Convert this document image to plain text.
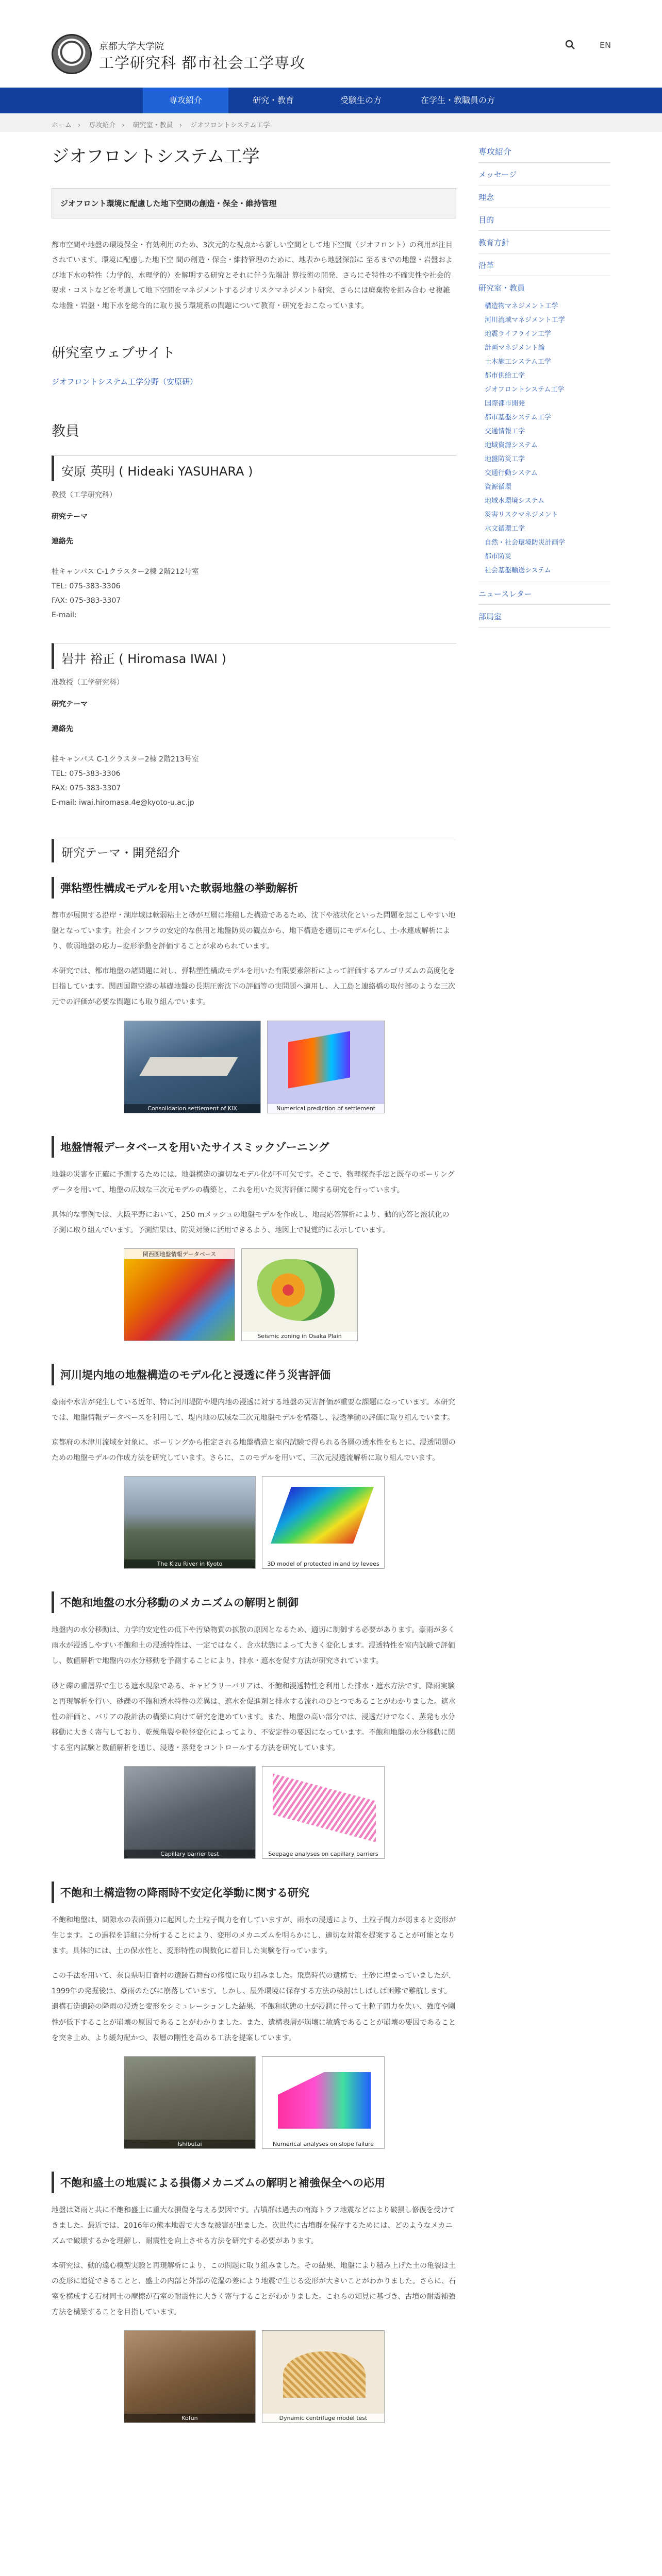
京都大学大学院
工学研究科 都市社会工学専攻
EN
専攻紹介	研究・教育	受験生の方	在学生・教職員の方
ホーム › 専攻紹介 › 研究室・教員 › ジオフロントシステム工学
ジオフロントシステム工学
ジオフロント環境に配慮した地下空間の創造・保全・維持管理

都市空間や地盤の環境保全・有効利用のため、3次元的な視点から新しい空間として地下空間（ジオフロント）の利用が注目されています。環境に配慮した地下空 間の創造・保全・維持管理のために、地表から地盤深部に 至るまでの地盤・岩盤および地下水の特性（力学的、水理学的）を解明する研究とそれに伴う先端計 算技術の開発、さらにそ特性の不確実性や社会的要求・コストなどを考慮して地下空間をマネジメントするジオリスクマネジメント研究、さらには廃棄物を組み合わ せ複雑な地盤・岩盤・地下水を総合的に取り扱う環境系の問題について教育・研究をおこなっています。

研究室ウェブサイト
ジオフロントシステム工学分野（安原研）
教員
安原 英明 ( Hideaki YASUHARA )
教授（工学研究科）
研究テーマ
連絡先
桂キャンパス C-1クラスター2棟 2階212号室
TEL: 075-383-3306
FAX: 075-383-3307
E-mail:
岩井 裕正 ( Hiromasa IWAI )
准教授（工学研究科）
研究テーマ
連絡先
桂キャンパス C-1クラスター2棟 2階213号室
TEL: 075-383-3306
FAX: 075-383-3307
E-mail: iwai.hiromasa.4e@kyoto-u.ac.jp
研究テーマ・開発紹介
弾粘塑性構成モデルを用いた軟弱地盤の挙動解析

都市が展開する沿岸・湖岸域は軟弱粘土と砂が互層に堆積した構造であるため、沈下や液状化といった問題を起こしやすい地盤となっています。社会インフラの安定的な供用と地盤防災の観点から、地下構造を適切にモデル化し、土-水連成解析により、軟弱地盤の応力−変形挙動を評価することが求められています。

本研究では、都市地盤の諸問題に対し、弾粘塑性構成モデルを用いた有限要素解析によって評価するアルゴリズムの高度化を目指しています。関西国際空港の基礎地盤の長期圧密沈下の評価等の実問題へ適用し、人工島と連絡橋の取付部のような三次元での評価が必要な問題にも取り組んでいます。

Consolidation settlement of KIX	Numerical prediction of settlement
地盤情報データベースを用いたサイスミックゾーニング

地盤の災害を正確に予測するためには、地盤構造の適切なモデル化が不可欠です。そこで、物理探査手法と既存のボーリングデータを用いて、地盤の広域な三次元モデルの構築と、これを用いた災害評価に関する研究を行っています。

具体的な事例では、大阪平野において、250 mメッシュの地盤モデルを作成し、地震応答解析により、動的応答と液状化の予測に取り組んでいます。予測結果は、防災対策に活用できるよう、地図上で視覚的に表示しています。

関西圏地盤情報データベース
Seismic zoning in Osaka Plain
河川堤内地の地盤構造のモデル化と浸透に伴う災害評価

豪雨や水害が発生している近年、特に河川堤防や堤内地の浸透に対する地盤の災害評価が重要な課題になっています。本研究では、地盤情報データベースを利用して、堤内地の広域な三次元地盤モデルを構築し、浸透挙動の評価に取り組んでいます。

京都府の木津川流域を対象に、ボーリングから推定される地盤構造と室内試験で得られる各層の透水性をもとに、浸透問題のための地盤モデルの作成方法を研究しています。さらに、このモデルを用いて、三次元浸透流解析に取り組んでいます。

The Kizu River in Kyoto	3D model of protected inland by levees
不飽和地盤の水分移動のメカニズムの解明と制御

地盤内の水分移動は、力学的安定性の低下や汚染物質の拡散の原因となるため、適切に制御する必要があります。豪雨が多く雨水が浸透しやすい不飽和土の浸透特性は、一定ではなく、含水状態によって大きく変化します。浸透特性を室内試験で評価し、数値解析で地盤内の水分移動を予測することにより、排水・遮水を促す方法が研究されています。

砂と礫の重層界で生じる遮水現象である、キャピラリーバリアは、不飽和浸透特性を利用した排水・遮水方法です。降雨実験と再現解析を行い、砂礫の不飽和透水特性の差異は、遮水を促進剤と排水する流れのひとつであることがわかりました。遮水性の評価と、バリアの設計法の構築に向けて研究を進めています。また、地盤の高い部分では、浸透だけでなく、蒸発も水分移動に大きく寄与しており、乾燥亀裂や粒径変化によってより、不安定性の要因になっています。不飽和地盤の水分移動に関する室内試験と数値解析を通じ、浸透・蒸発をコントロールする方法を研究しています。

Capillary barrier test	Seepage analyses on capillary barriers
不飽和土構造物の降雨時不安定化挙動に関する研究

不飽和地盤は、間隙水の表面張力に起因した土粒子間力を有していますが、雨水の浸透により、土粒子間力が弱まると変形が生じます。この過程を詳細に分析することにより、変形のメカニズムを明らかにし、適切な対策を提案することが可能となります。具体的には、土の保水性と、変形特性の関数化に着目した実験を行っています。

この手法を用いて、奈良県明日香村の遺跡石舞台の修復に取り組みました。飛鳥時代の遺構で、土砂に埋まっていましたが、1999年の発掘後は、豪雨のたびに崩落しています。しかし、屋外環境に保存する方法の検討はしばしば困難で難航します。遺構石造遺跡の降雨の浸透と変形をシミュレーションした結果、不飽和状態の土が浸潤に伴って土粒子間力を失い、強度や剛性が低下することが崩壊の原因であることがわかりました。また、遺構表層が崩壊に敏感であることが崩壊の要因であることを突き止め、より緩勾配かつ、表層の剛性を高める工法を提案しています。

Ishibutai	Numerical analyses on slope failure
不飽和盛土の地震による損傷メカニズムの解明と補強保全への応用

地盤は降雨と共に不飽和盛土に重大な損傷を与える要因です。古墳群は過去の南海トラフ地震などにより破損し修復を受けてきました。最近では、2016年の熊本地震で大きな被害が出ました。次世代に古墳群を保存するためには、どのようなメカニズムで破壊するかを理解し、耐震性を向上させる方法を研究する必要があります。

本研究は、動的遠心模型実験と再現解析により、この問題に取り組みました。その結果、地盤により積み上げた土の亀裂は土の変形に追従できることと、盛土の内部と外部の乾湿の差により地震で生じる変形が大きいことがわかりました。さらに、石室を構成する石材同士の摩擦が石室の耐震性に大きく寄与することがわかりました。これらの知見に基づき、古墳の耐震補強方法を構築することを目指しています。

Kofun	Dynamic centrifuge model test
専攻紹介
メッセージ
理念
目的
教育方針
沿革
研究室・教員
構造物マネジメント工学
河川流域マネジメント工学
地震ライフライン工学
計画マネジメント論
土木施工システム工学
都市供給工学
ジオフロントシステム工学
国際都市開発
都市基盤システム工学
交通情報工学
地域資源システム
地盤防災工学
交通行動システム
資源循環
地域水環境システム
災害リスクマネジメント
水文循環工学
自然・社会環境防災計画学
都市防災
社会基盤輸送システム
ニュースレター
部局室
